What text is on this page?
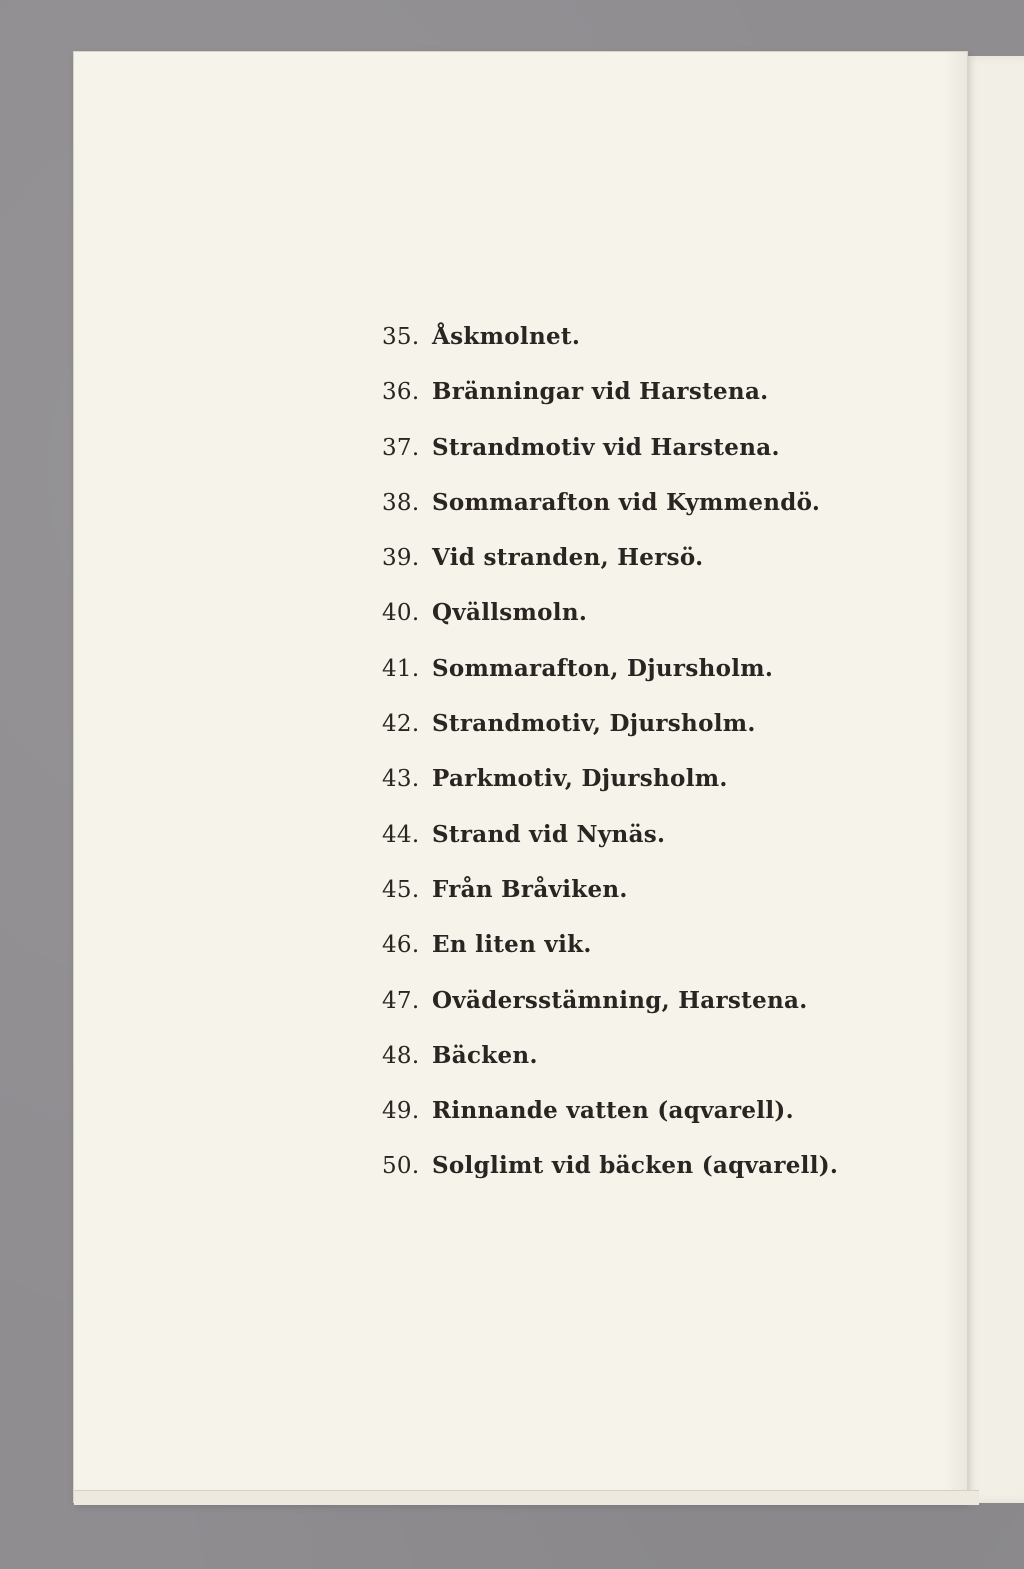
35. Åskmolnet.
36. Bränningar vid Harstena.
37. Strandmotiv vid Harstena.
38. Sommarafton vid Kymmendö.
39. Vid stranden, Hersö.
40. Qvällsmoln.
41. Sommarafton, Djursholm.
42. Strandmotiv, Djursholm.
43. Parkmotiv, Djursholm.
44. Strand vid Nynäs.
45. Från Bråviken.
46. En liten vik.
47. Ovädersstämning, Harstena.
48. Bäcken.
49. Rinnande vatten (aqvarell).
50. Solglimt vid bäcken (aqvarell).
